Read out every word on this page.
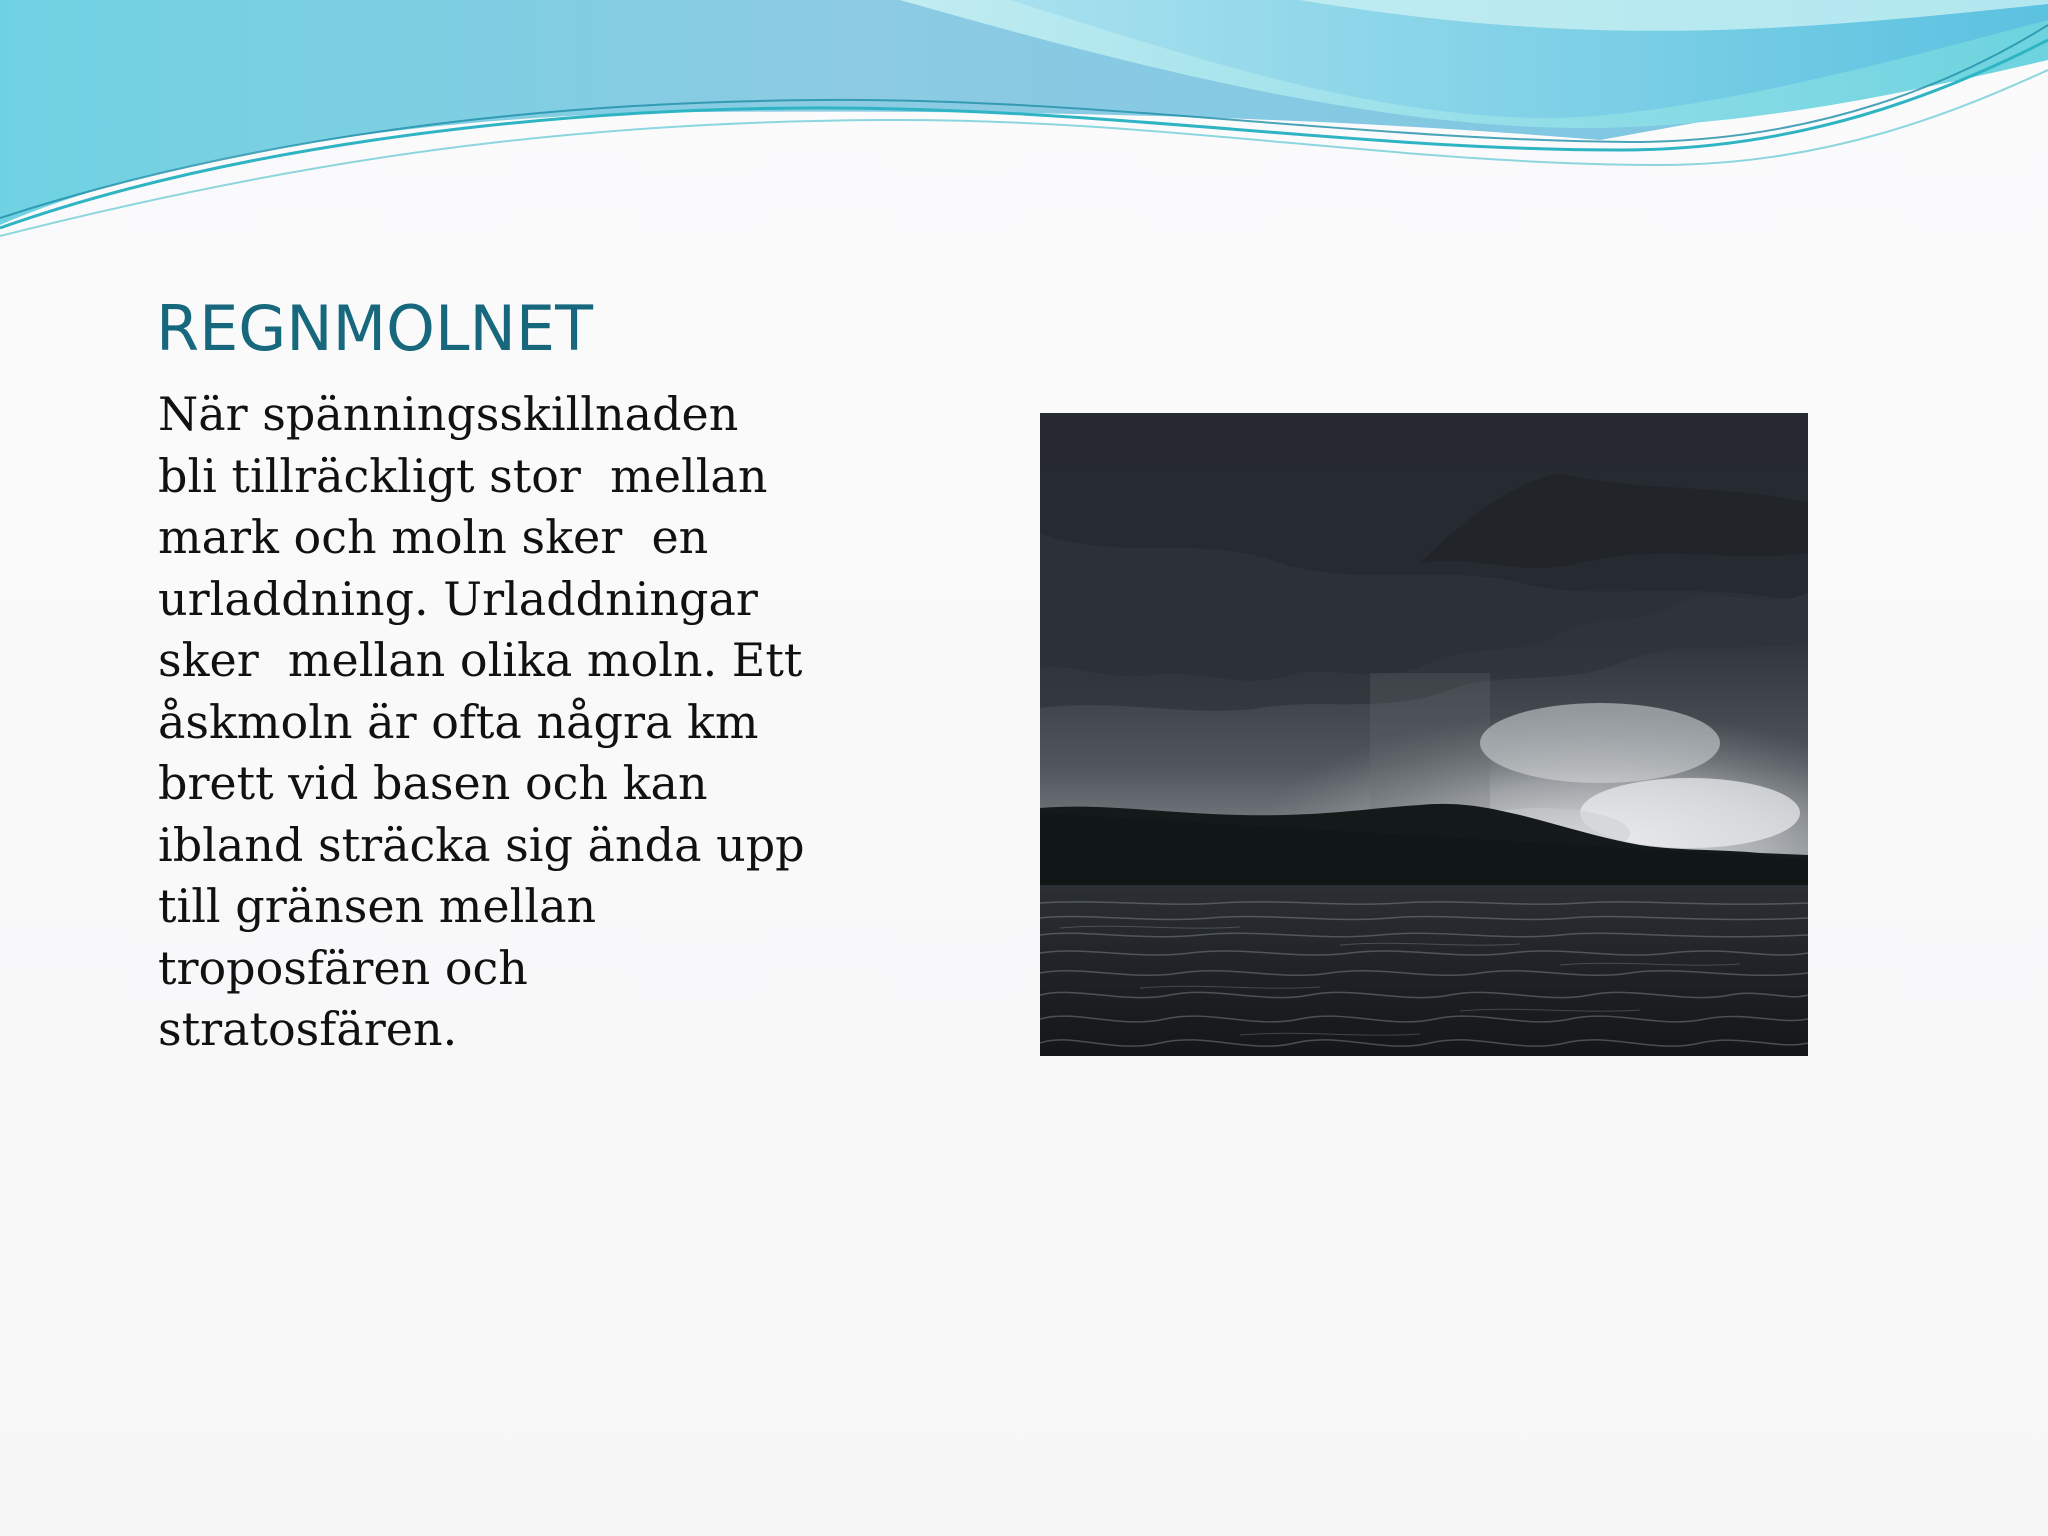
REGNMOLNET

När spänningsskillnaden
bli tillräckligt stor  mellan
mark och moln sker  en
urladdning. Urladdningar
sker  mellan olika moln. Ett
åskmoln är ofta några km
brett vid basen och kan
ibland sträcka sig ända upp
till gränsen mellan
troposfären och
stratosfären.
